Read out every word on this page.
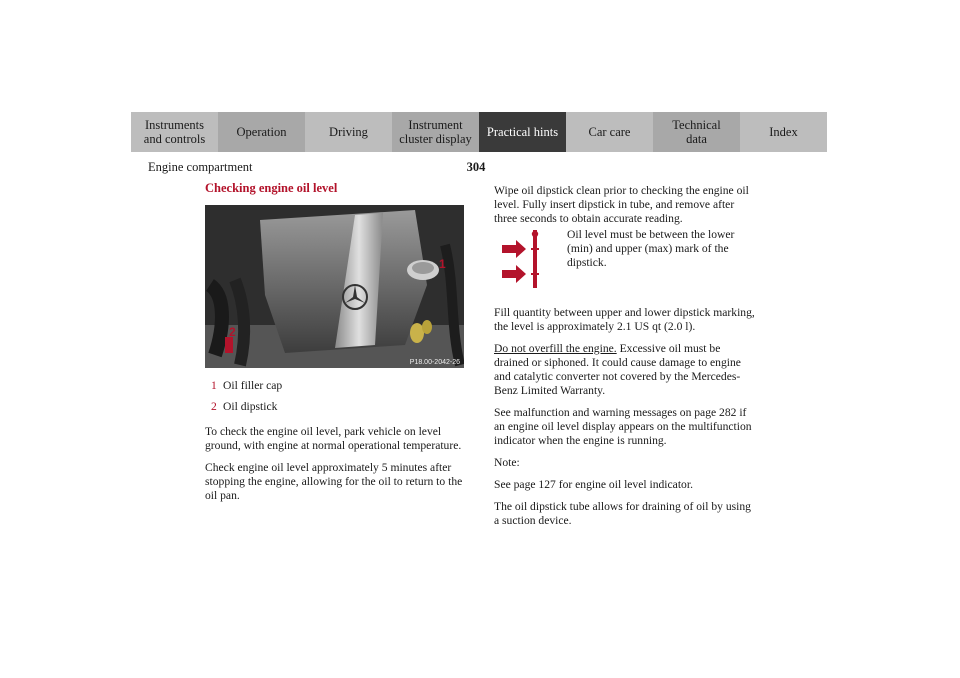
Instruments
and controls	Operation	Driving	Instrument
cluster display Practical hints Car care	Technical
data	Index
Engine compartment	304
Checking engine oil level
1
2
P18.00-2042-26
1 Oil filler cap
2 Oil dipstick

To check the engine oil level, park vehicle on level ground, with engine at normal operational temperature.

Check engine oil level approximately 5 minutes after stopping the engine, allowing for the oil to return to the oil pan.

Wipe oil dipstick clean prior to checking the engine oil level. Fully insert dipstick in tube, and remove after three seconds to obtain accurate reading.

Oil level must be between the lower (min) and upper (max) mark of the dipstick.

Fill quantity between upper and lower dipstick marking, the level is approximately 2.1 US qt (2.0 l).

Do not overfill the engine. Excessive oil must be drained or siphoned. It could cause damage to engine and catalytic converter not covered by the Mercedes-Benz Limited Warranty.

See malfunction and warning messages on page 282 if an engine oil level display appears on the multifunction indicator when the engine is running.

Note:

See page 127 for engine oil level indicator.

The oil dipstick tube allows for draining of oil by using a suction device.
